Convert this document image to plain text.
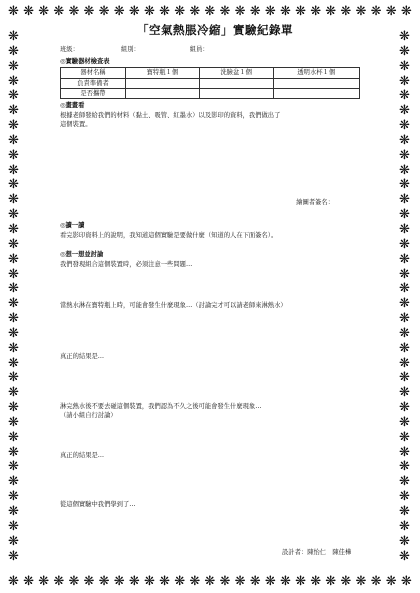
❋ ❋ ❋ ❋ ❋ ❋ ❋ ❋ ❋ ❋ ❋ ❋ ❋ ❋ ❋ ❋ ❋ ❋ ❋ ❋ ❋ ❋ ❋ ❋ ❋ ❋ ❋
❋ ❋ ❋ ❋ ❋ ❋ ❋ ❋ ❋ ❋ ❋ ❋ ❋ ❋ ❋ ❋ ❋ ❋ ❋ ❋ ❋ ❋ ❋ ❋ ❋ ❋ ❋
❋
❋
❋
❋
❋
❋
❋
❋
❋
❋
❋
❋
❋
❋
❋
❋
❋
❋
❋
❋
❋
❋
❋
❋
❋
❋
❋
❋
❋
❋
❋
❋
❋
❋
❋
❋
❋
❋
❋
❋
❋
❋
❋
❋
❋
❋
❋
❋
❋
❋
❋
❋
❋
❋
❋
❋
❋
❋
❋
❋
❋
❋
❋
❋
❋
❋
❋
❋
❋
❋
❋
❋
「空氣熱脹冷縮」實驗紀錄單
班級：	組別：	組員：
◎實驗器材檢查表
器材名稱	寶特瓶１個	洗臉盆１個	透明水杯１個
負責準備者			
是否攜帶			
◎畫畫看

根據老師發給我們的材料（黏土、吸管、紅墨水）以及影印的資料，我們做出了

這個裝置。

繪圖者簽名：
◎讀一讀

看完影印資料上的說明，我知道這個實驗是要做什麼（知道的人在下面簽名）。

◎想一想並討論

我們發現組合這個裝置時，必須注意一些問題…

當熱水淋在寶特瓶上時，可能會發生什麼現象…（討論完才可以請老師來淋熱水）

真正的結果是…

淋完熱水後不要去碰這個裝置，我們認為不久之後可能會發生什麼現象…

（請小組自行討論）

真正的結果是…

從這個實驗中我們學到了…

設計者：陳怡仁　陳佳樺
